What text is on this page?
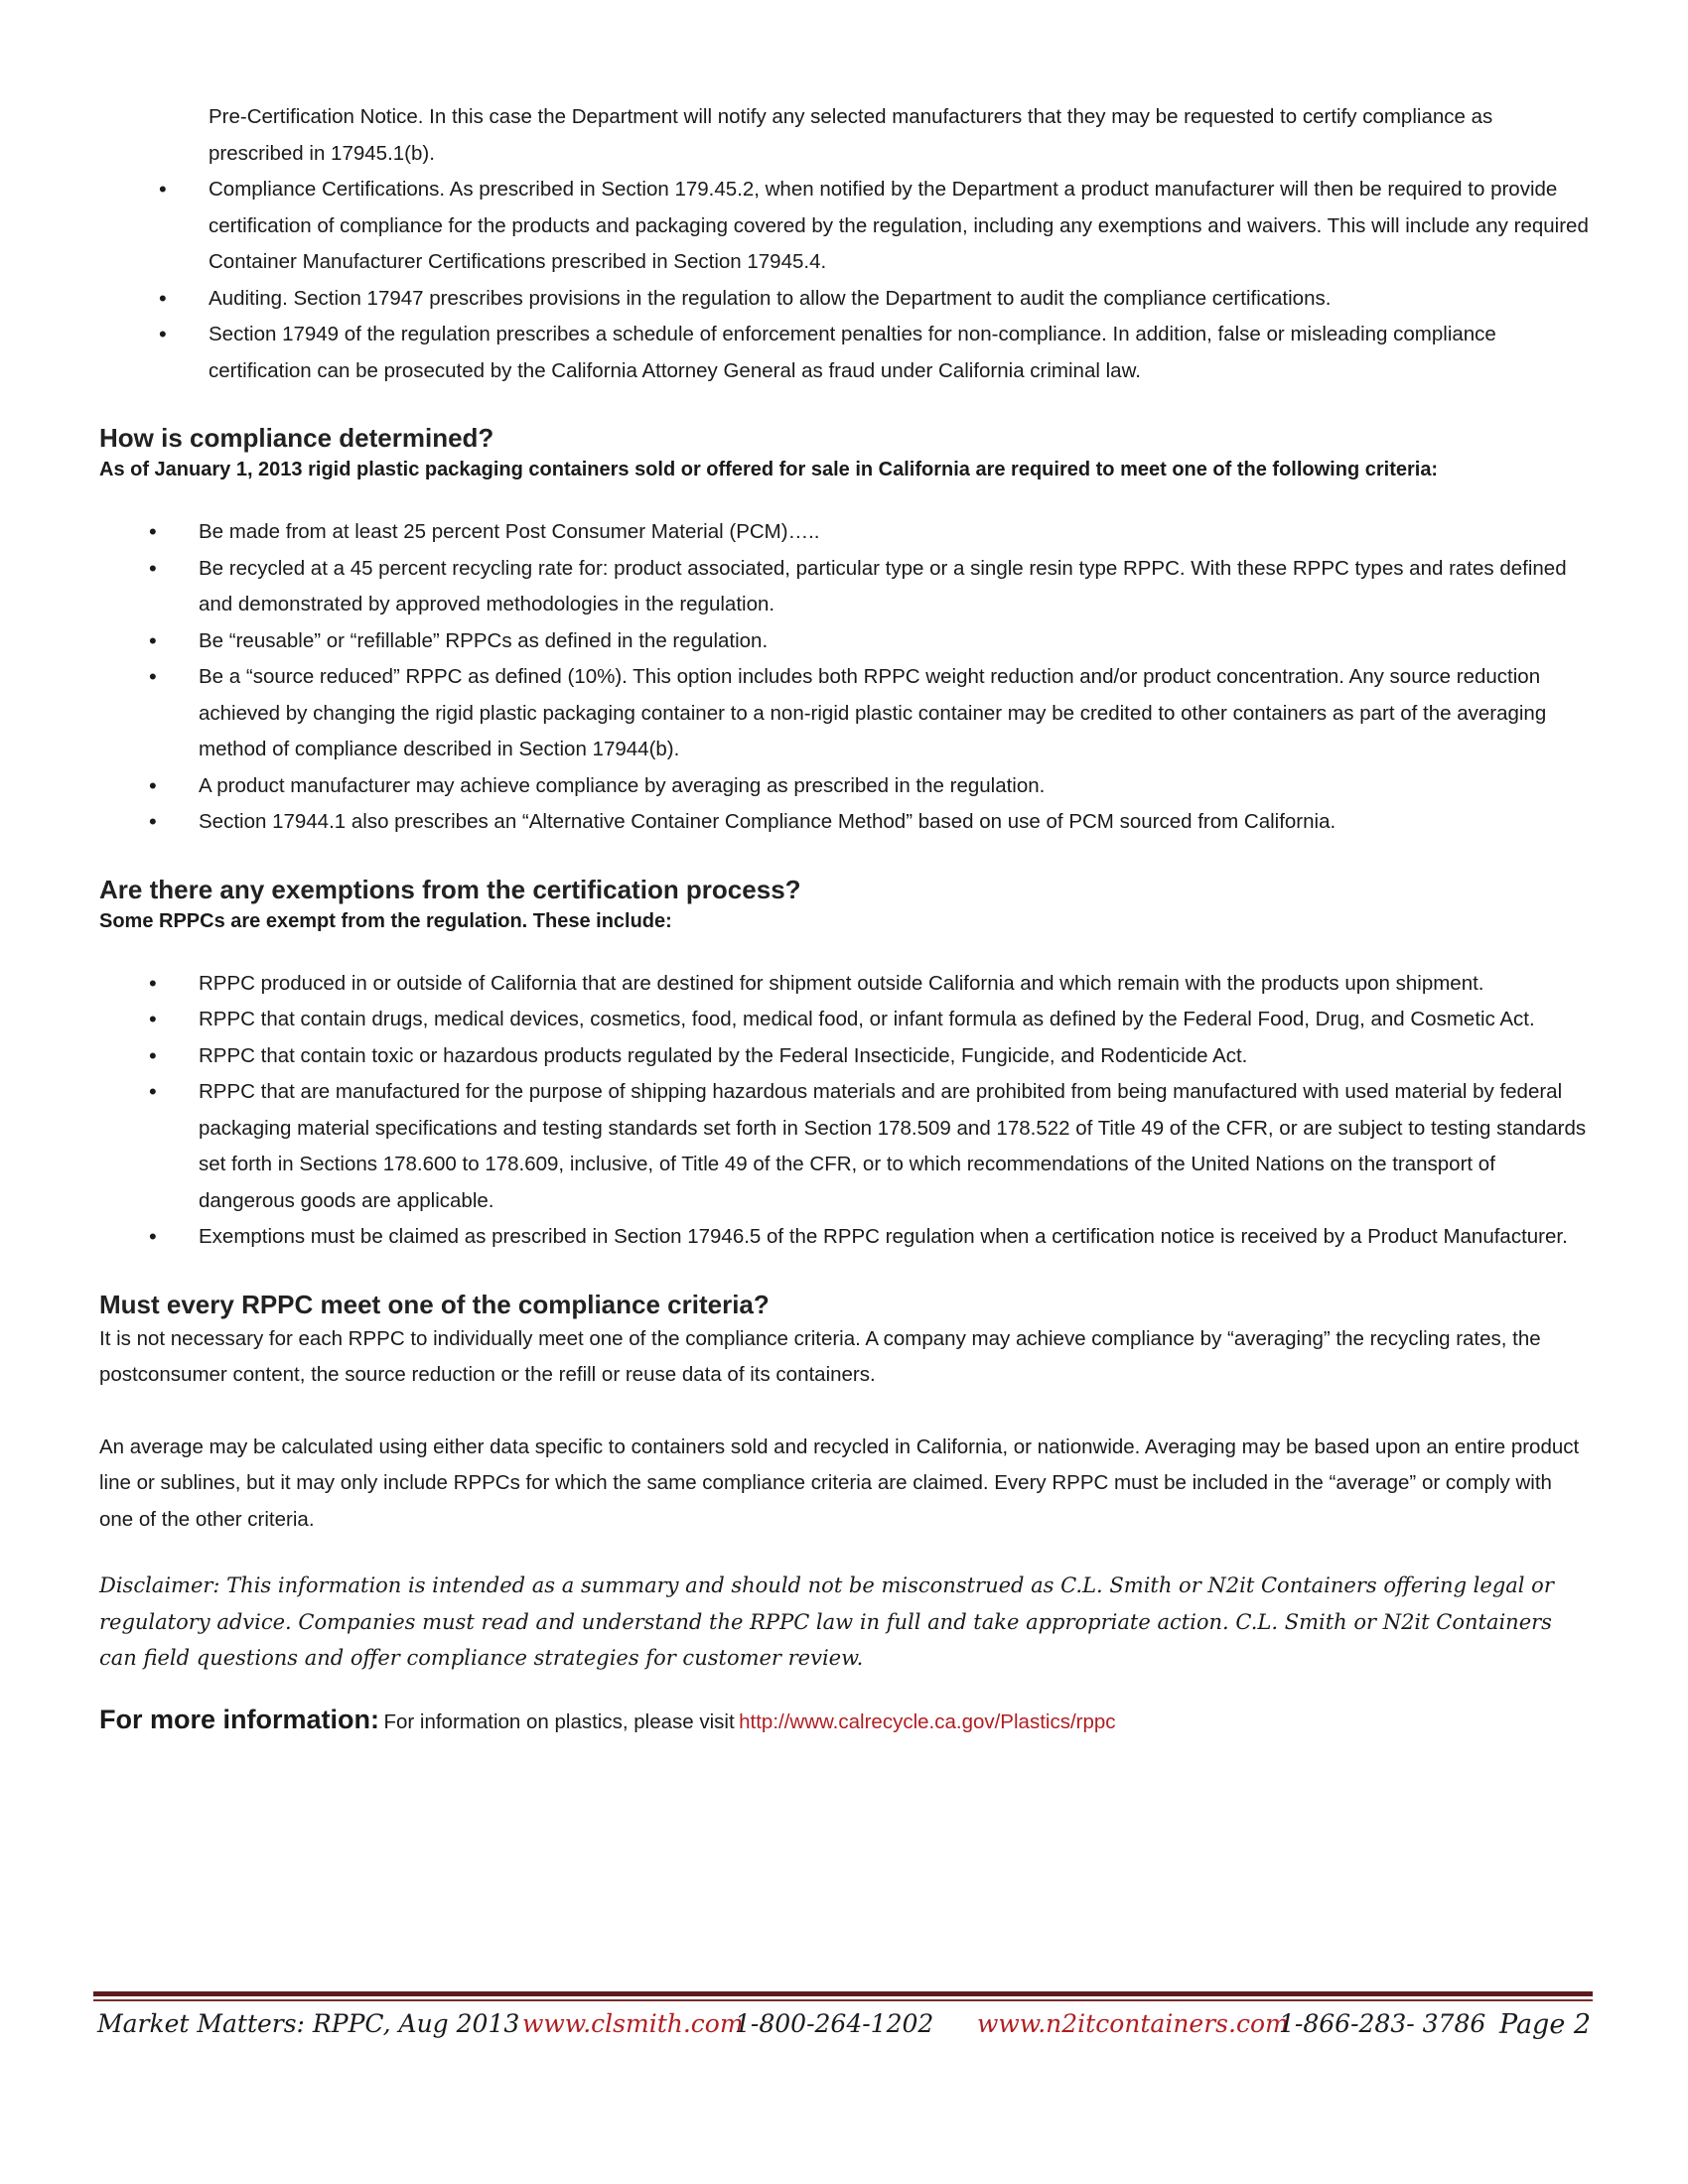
Pre-Certification Notice. In this case the Department will notify any selected manufacturers that they may be requested to certify compliance as prescribed in 17945.1(b).

• Compliance Certifications. As prescribed in Section 179.45.2, when notified by the Department a product manufacturer will then be required to provide certification of compliance for the products and packaging covered by the regulation, including any exemptions and waivers. This will include any required Container Manufacturer Certifications prescribed in Section 17945.4.
• Auditing. Section 17947 prescribes provisions in the regulation to allow the Department to audit the compliance certifications.
• Section 17949 of the regulation prescribes a schedule of enforcement penalties for non-compliance. In addition, false or misleading compliance certification can be prosecuted by the California Attorney General as fraud under California criminal law.
How is compliance determined?

As of January 1, 2013 rigid plastic packaging containers sold or offered for sale in California are required to meet one of the following criteria:

• Be made from at least 25 percent Post Consumer Material (PCM)…..
• Be recycled at a 45 percent recycling rate for: product associated, particular type or a single resin type RPPC. With these RPPC types and rates defined and demonstrated by approved methodologies in the regulation.
• Be “reusable” or “refillable” RPPCs as defined in the regulation.
• Be a “source reduced” RPPC as defined (10%). This option includes both RPPC weight reduction and/or product concentration. Any source reduction achieved by changing the rigid plastic packaging container to a non-rigid plastic container may be credited to other containers as part of the averaging method of compliance described in Section 17944(b).
• A product manufacturer may achieve compliance by averaging as prescribed in the regulation.
• Section 17944.1 also prescribes an “Alternative Container Compliance Method” based on use of PCM sourced from California.
Are there any exemptions from the certification process?

Some RPPCs are exempt from the regulation. These include:

• RPPC produced in or outside of California that are destined for shipment outside California and which remain with the products upon shipment.
• RPPC that contain drugs, medical devices, cosmetics, food, medical food, or infant formula as defined by the Federal Food, Drug, and Cosmetic Act.
• RPPC that contain toxic or hazardous products regulated by the Federal Insecticide, Fungicide, and Rodenticide Act.
• RPPC that are manufactured for the purpose of shipping hazardous materials and are prohibited from being manufactured with used material by federal packaging material specifications and testing standards set forth in Section 178.509 and 178.522 of Title 49 of the CFR, or are subject to testing standards set forth in Sections 178.600 to 178.609, inclusive, of Title 49 of the CFR, or to which recommendations of the United Nations on the transport of dangerous goods are applicable.
• Exemptions must be claimed as prescribed in Section 17946.5 of the RPPC regulation when a certification notice is received by a Product Manufacturer.
Must every RPPC meet one of the compliance criteria?

It is not necessary for each RPPC to individually meet one of the compliance criteria. A company may achieve compliance by “averaging” the recycling rates, the postconsumer content, the source reduction or the refill or reuse data of its containers.

An average may be calculated using either data specific to containers sold and recycled in California, or nationwide. Averaging may be based upon an entire product line or sublines, but it may only include RPPCs for which the same compliance criteria are claimed. Every RPPC must be included in the “average” or comply with one of the other criteria.

Disclaimer: This information is intended as a summary and should not be misconstrued as C.L. Smith or N2it Containers offering legal or regulatory advice. Companies must read and understand the RPPC law in full and take appropriate action. C.L. Smith or N2it Containers can field questions and offer compliance strategies for customer review.

For more information: For information on plastics, please visit http://www.calrecycle.ca.gov/Plastics/rppc

Market Matters: RPPC, Aug 2013 www.clsmith.com
1-800-264-1202 www.n2itcontainers.com
1-866-283- 3786 Page 2
